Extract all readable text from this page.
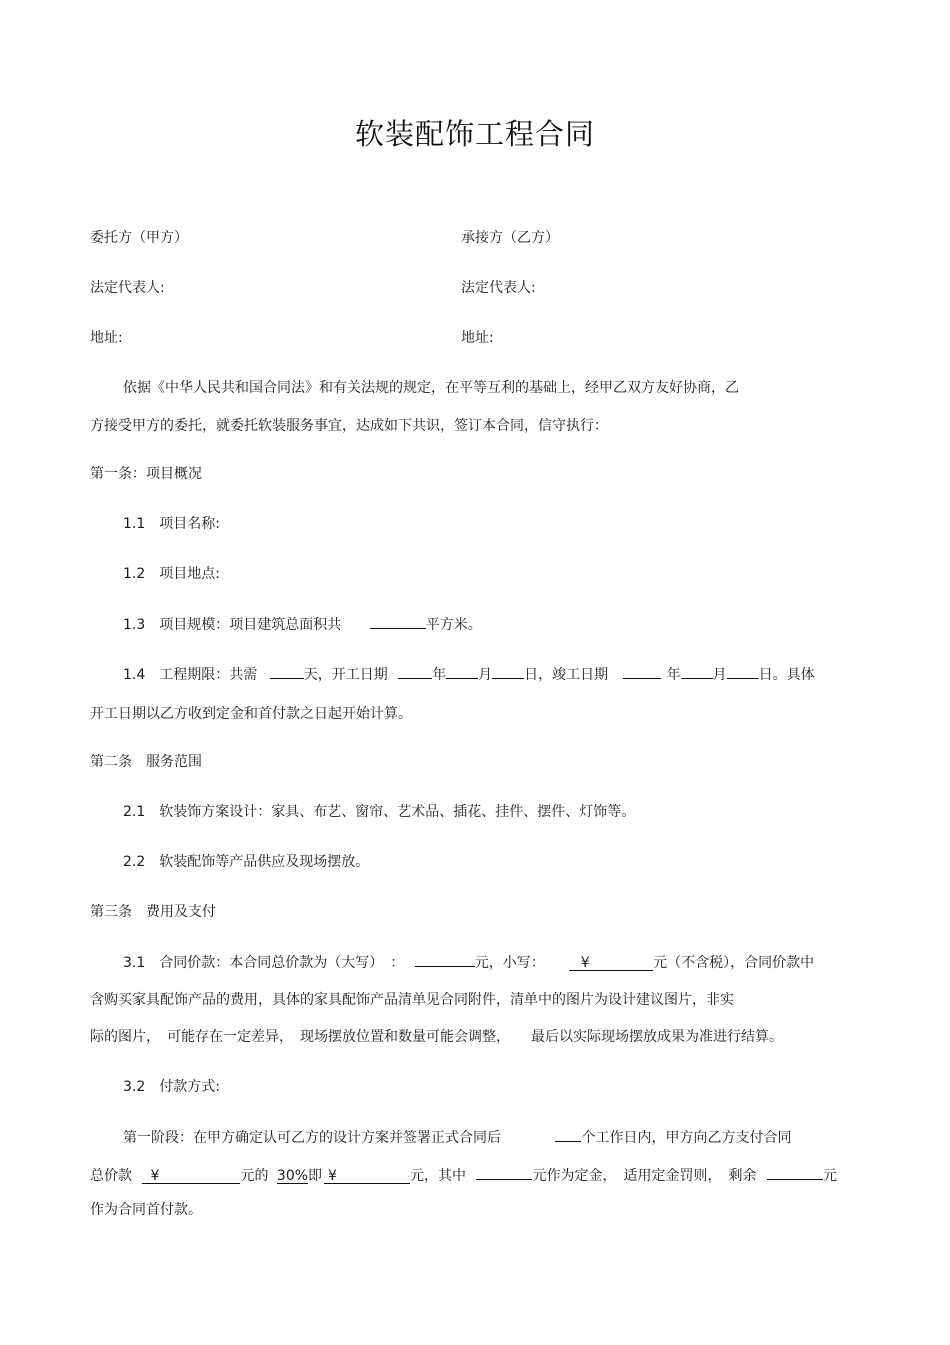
软装配饰工程合同
委托方（甲方）	承接方（乙方）
法定代表人:	法定代表人:
地址:	地址:
依据《中华人民共和国合同法》和有关法规的规定，在平等互利的基础上，经甲乙双方友好协商，乙
方接受甲方的委托，就委托软装服务事宜，达成如下共识，签订本合同，信守执行：
第一条：项目概况
1.1　项目名称:
1.2　项目地点:
1.3　项目规模：项目建筑总面积共	平方米。
1.4　工程期限：共需	天，开工日期	年 月 日，竣工日期	年 月 日。具体
开工日期以乙方收到定金和首付款之日起开始计算。
第二条　服务范围
2.1　软装饰方案设计：家具、布艺、窗帘、艺术品、插花、挂件、摆件、灯饰等。
2.2　软装配饰等产品供应及现场摆放。
第三条　费用及支付
3.1　合同价款：本合同总价款为（大写）　：	元，小写：	¥	元（不含税），合同价款中
含购买家具配饰产品的费用，具体的家具配饰产品清单见合同附件，清单中的图片为设计建议图片，非实
际的图片，　可能存在一定差异，　现场摆放位置和数量可能会调整，　　最后以实际现场摆放成果为准进行结算。
3.2　付款方式:
第一阶段：在甲方确定认可乙方的设计方案并签署正式合同后	个工作日内，甲方向乙方支付合同
总价款 ¥	元的 30%即 ¥	元，其中	元作为定金，　适用定金罚则，　剩余	元
作为合同首付款。
